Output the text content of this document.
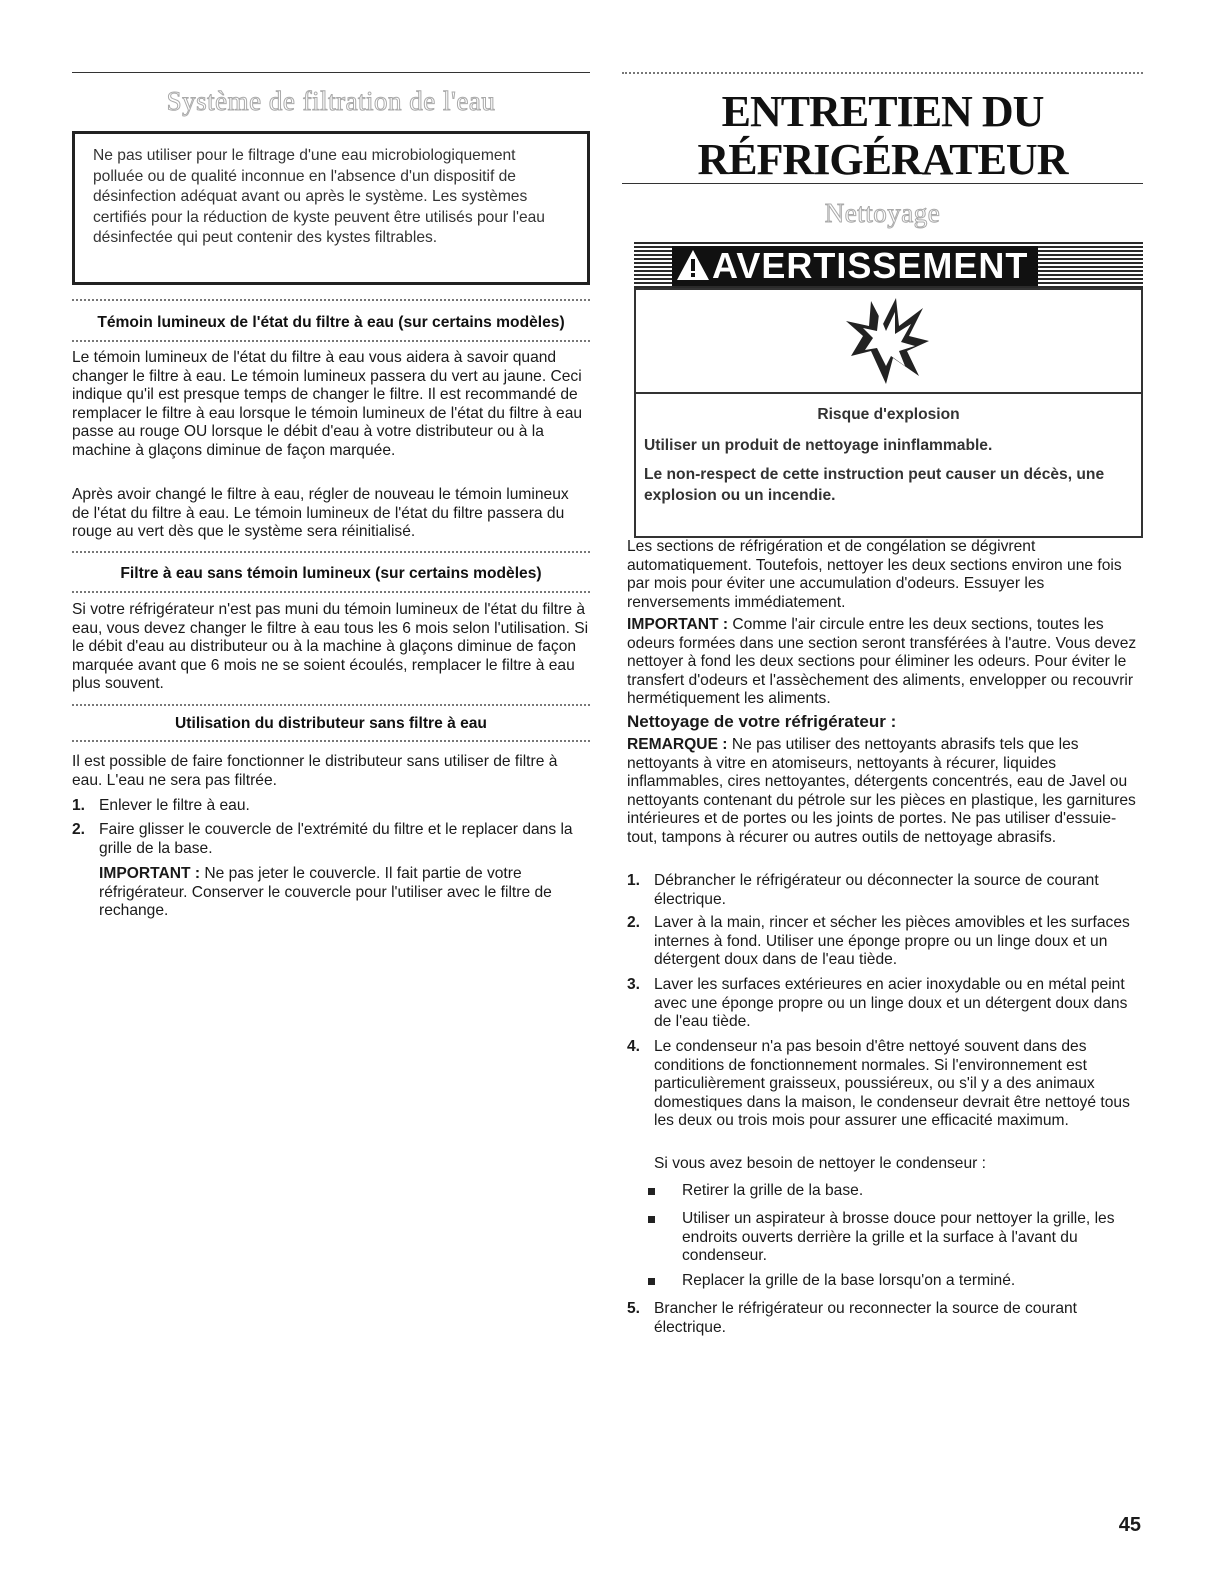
Système de filtration de l'eau
Ne pas utiliser pour le filtrage d'une eau microbiologiquement polluée ou de qualité inconnue en l'absence d'un dispositif de désinfection adéquat avant ou après le système. Les systèmes certifiés pour la réduction de kyste peuvent être utilisés pour l'eau désinfectée qui peut contenir des kystes filtrables.
Témoin lumineux de l'état du filtre à eau (sur certains modèles)

Le témoin lumineux de l'état du filtre à eau vous aidera à savoir quand changer le filtre à eau. Le témoin lumineux passera du vert au jaune. Ceci indique qu'il est presque temps de changer le filtre. Il est recommandé de remplacer le filtre à eau lorsque le témoin lumineux de l'état du filtre à eau passe au rouge OU lorsque le débit d'eau à votre distributeur ou à la machine à glaçons diminue de façon marquée.

Après avoir changé le filtre à eau, régler de nouveau le témoin lumineux de l'état du filtre à eau. Le témoin lumineux de l'état du filtre passera du rouge au vert dès que le système sera réinitialisé.

Filtre à eau sans témoin lumineux (sur certains modèles)

Si votre réfrigérateur n'est pas muni du témoin lumineux de l'état du filtre à eau, vous devez changer le filtre à eau tous les 6 mois selon l'utilisation. Si le débit d'eau au distributeur ou à la machine à glaçons diminue de façon marquée avant que 6 mois ne se soient écoulés, remplacer le filtre à eau plus souvent.

Utilisation du distributeur sans filtre à eau

Il est possible de faire fonctionner le distributeur sans utiliser de filtre à eau. L'eau ne sera pas filtrée.

1. Enlever le filtre à eau.
2. Faire glisser le couvercle de l'extrémité du filtre et le replacer dans la grille de la base.

IMPORTANT : Ne pas jeter le couvercle. Il fait partie de votre réfrigérateur. Conserver le couvercle pour l'utiliser avec le filtre de rechange.

ENTRETIEN DU
RÉFRIGÉRATEUR
Nettoyage
AVERTISSEMENT
Risque d'explosion
Utiliser un produit de nettoyage ininflammable.
Le non-respect de cette instruction peut causer un décès, une explosion ou un incendie.

Les sections de réfrigération et de congélation se dégivrent automatiquement. Toutefois, nettoyer les deux sections environ une fois par mois pour éviter une accumulation d'odeurs. Essuyer les renversements immédiatement.

IMPORTANT : Comme l'air circule entre les deux sections, toutes les odeurs formées dans une section seront transférées à l'autre. Vous devez nettoyer à fond les deux sections pour éliminer les odeurs. Pour éviter le transfert d'odeurs et l'assèchement des aliments, envelopper ou recouvrir hermétiquement les aliments.

Nettoyage de votre réfrigérateur :

REMARQUE : Ne pas utiliser des nettoyants abrasifs tels que les nettoyants à vitre en atomiseurs, nettoyants à récurer, liquides inflammables, cires nettoyantes, détergents concentrés, eau de Javel ou nettoyants contenant du pétrole sur les pièces en plastique, les garnitures intérieures et de portes ou les joints de portes. Ne pas utiliser d'essuie-tout, tampons à récurer ou autres outils de nettoyage abrasifs.

1. Débrancher le réfrigérateur ou déconnecter la source de courant électrique.
2. Laver à la main, rincer et sécher les pièces amovibles et les surfaces internes à fond. Utiliser une éponge propre ou un linge doux et un détergent doux dans de l'eau tiède.
3. Laver les surfaces extérieures en acier inoxydable ou en métal peint avec une éponge propre ou un linge doux et un détergent doux dans de l'eau tiède.
4. Le condenseur n'a pas besoin d'être nettoyé souvent dans des conditions de fonctionnement normales. Si l'environnement est particulièrement graisseux, poussiéreux, ou s'il y a des animaux domestiques dans la maison, le condenseur devrait être nettoyé tous les deux ou trois mois pour assurer une efficacité maximum.

Si vous avez besoin de nettoyer le condenseur :

Retirer la grille de la base.
Utiliser un aspirateur à brosse douce pour nettoyer la grille, les endroits ouverts derrière la grille et la surface à l'avant du condenseur.
Replacer la grille de la base lorsqu'on a terminé.
5. Brancher le réfrigérateur ou reconnecter la source de courant électrique.
45
